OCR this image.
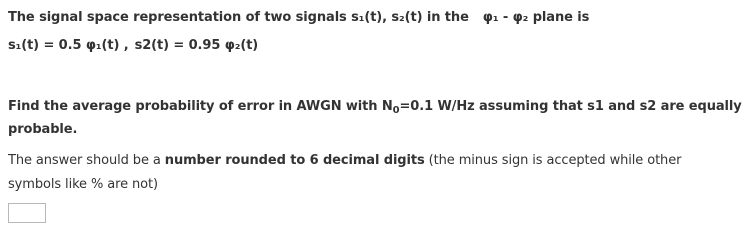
The signal space representation of two signals s₁(t), s₂(t) in the φ₁ - φ₂ plane is
s₁(t) = 0.5 φ₁(t) , s2(t) = 0.95 φ₂(t)
Find the average probability of error in AWGN with $N_0=0.1$ W/Hz assuming that s1 and s2 are equally
probable.
The answer should be a number rounded to 6 decimal digits (the minus sign is accepted while other
symbols like % are not)
